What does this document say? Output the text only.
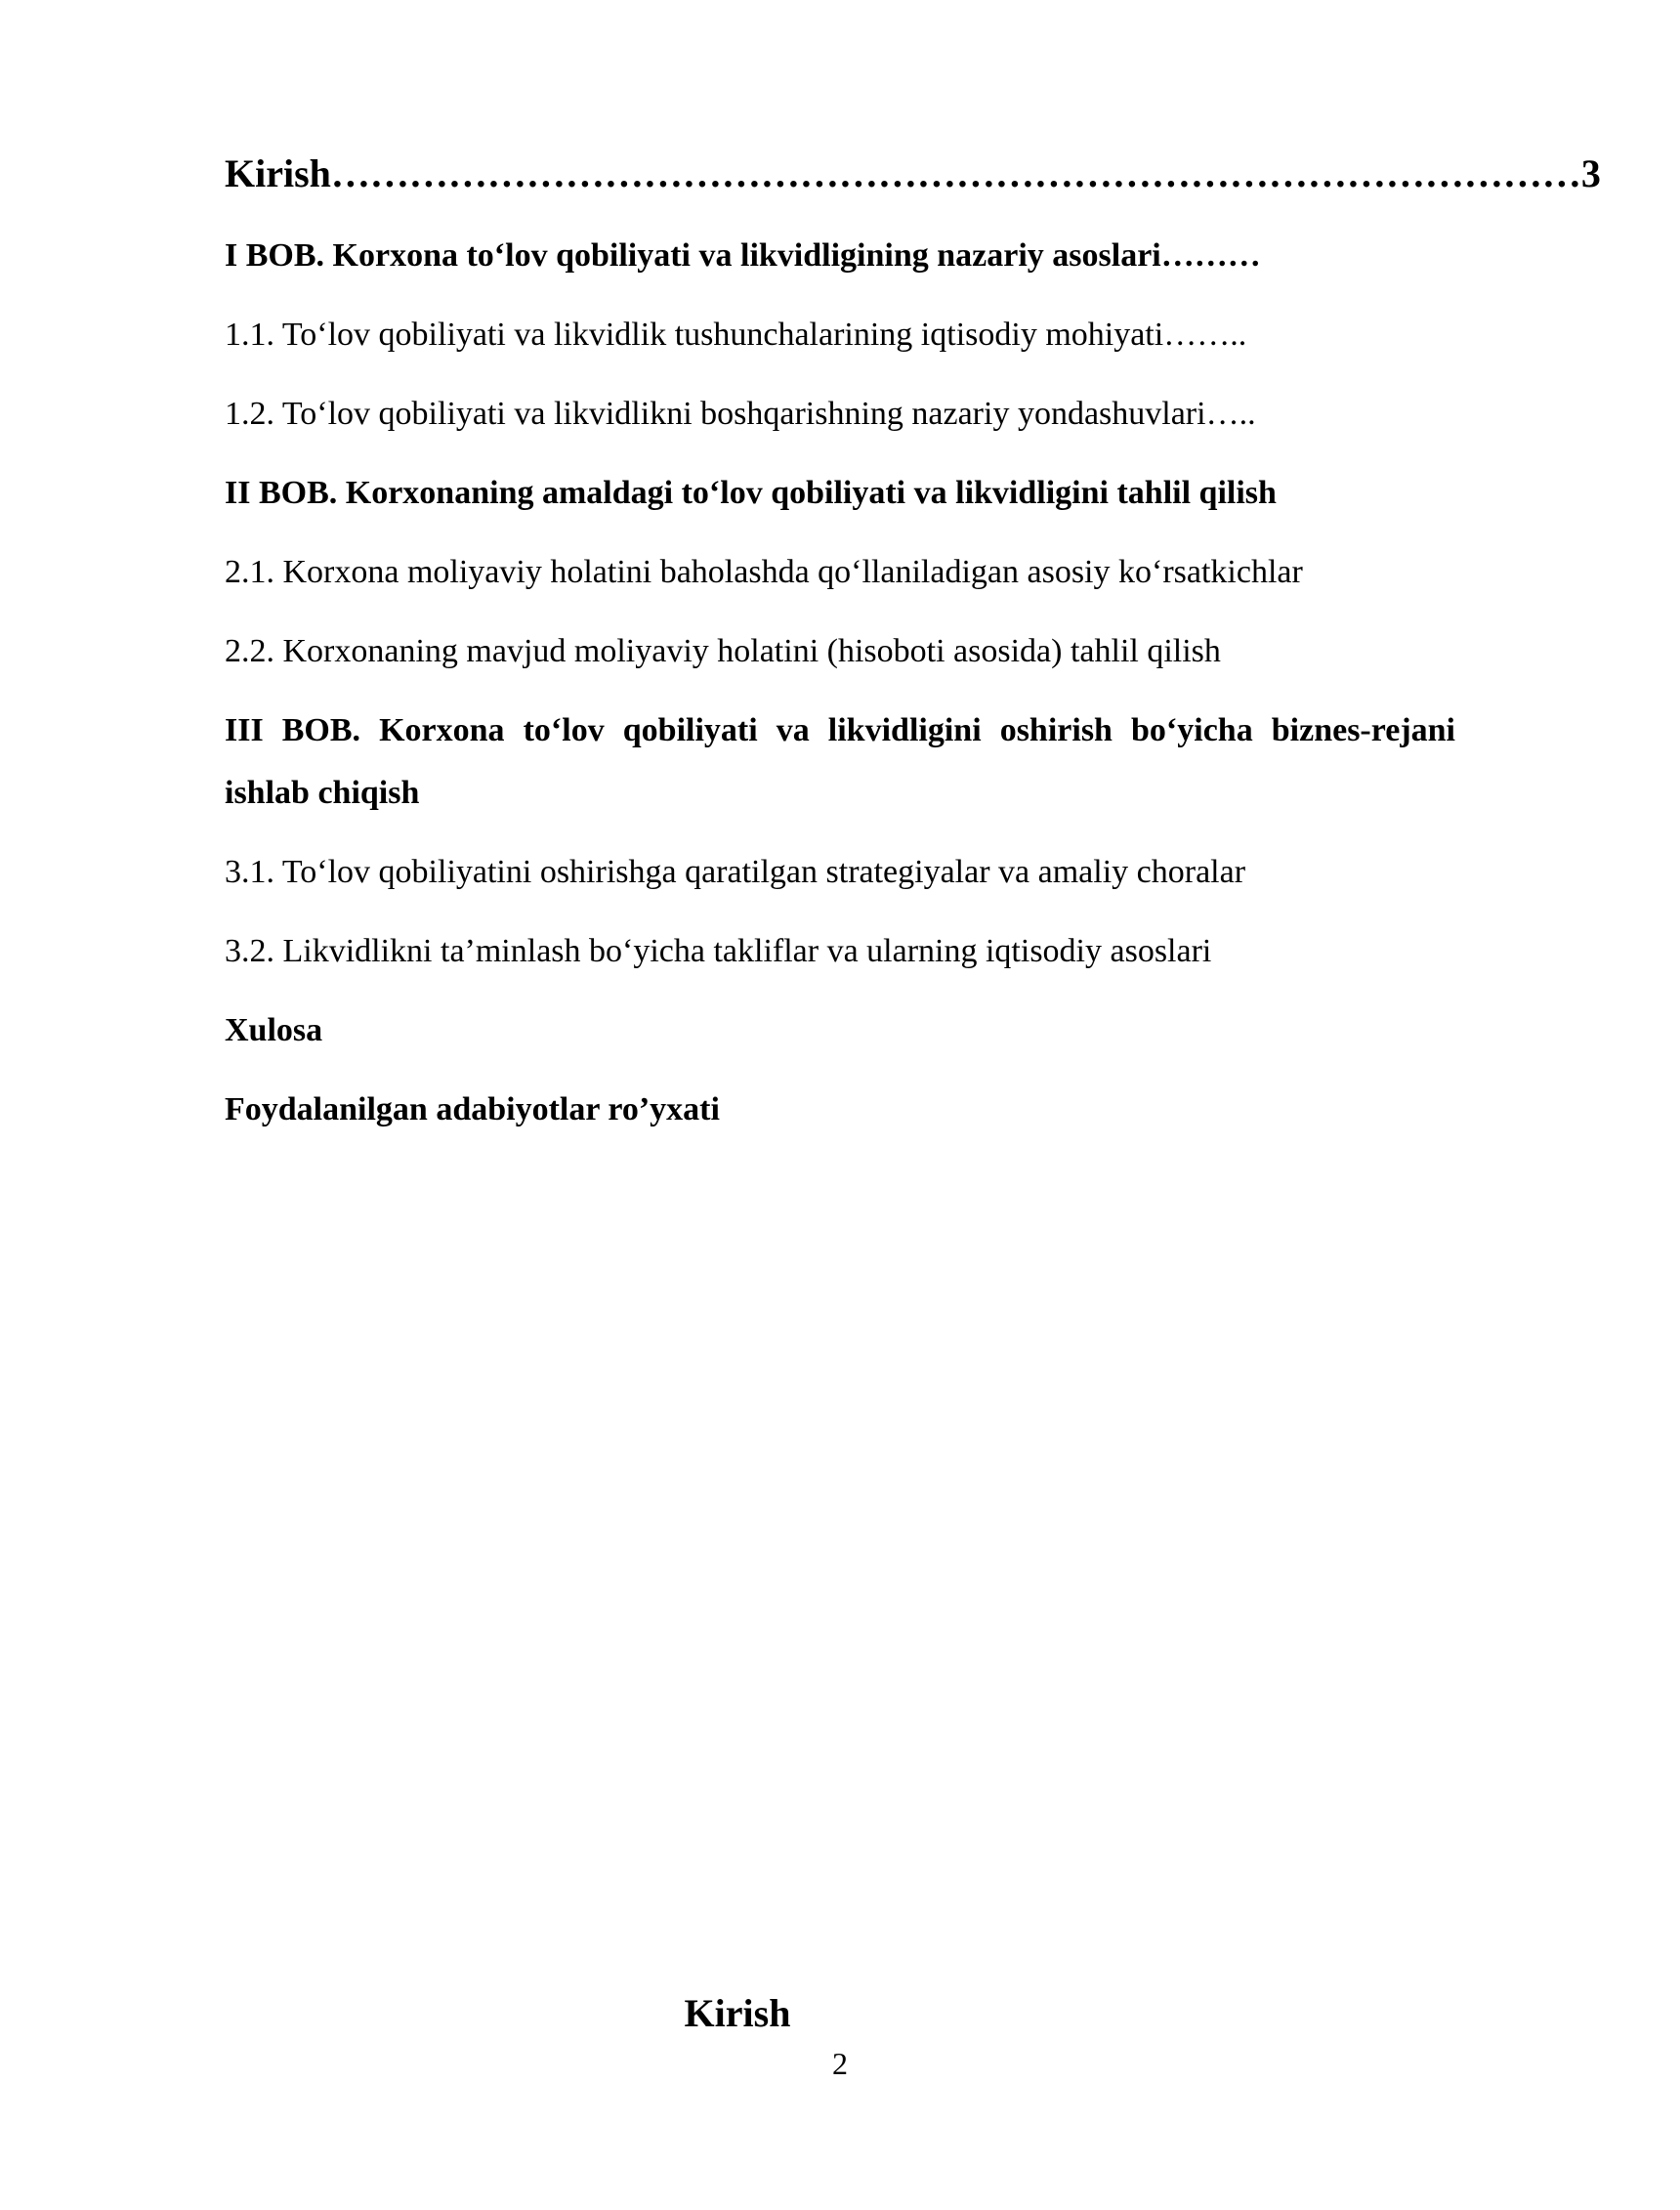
Kirish …………………………………………………………………………………… 3
I BOB. Korxona to‘lov qobiliyati va likvidligining nazariy asoslari………
1.1. To‘lov qobiliyati va likvidlik tushunchalarining iqtisodiy mohiyati……..
1.2. To‘lov qobiliyati va likvidlikni boshqarishning nazariy yondashuvlari…..
II BOB. Korxonaning amaldagi to‘lov qobiliyati va likvidligini tahlil qilish
2.1. Korxona moliyaviy holatini baholashda qo‘llaniladigan asosiy ko‘rsatkichlar
2.2. Korxonaning mavjud moliyaviy holatini (hisoboti asosida) tahlil qilish
III BOB. Korxona to‘lov qobiliyati va likvidligini oshirish bo‘yicha biznes-rejani ishlab chiqish
3.1. To‘lov qobiliyatini oshirishga qaratilgan strategiyalar va amaliy choralar
3.2. Likvidlikni ta’minlash bo‘yicha takliflar va ularning iqtisodiy asoslari
Xulosa
Foydalanilgan adabiyotlar ro’yxati
Kirish
2
